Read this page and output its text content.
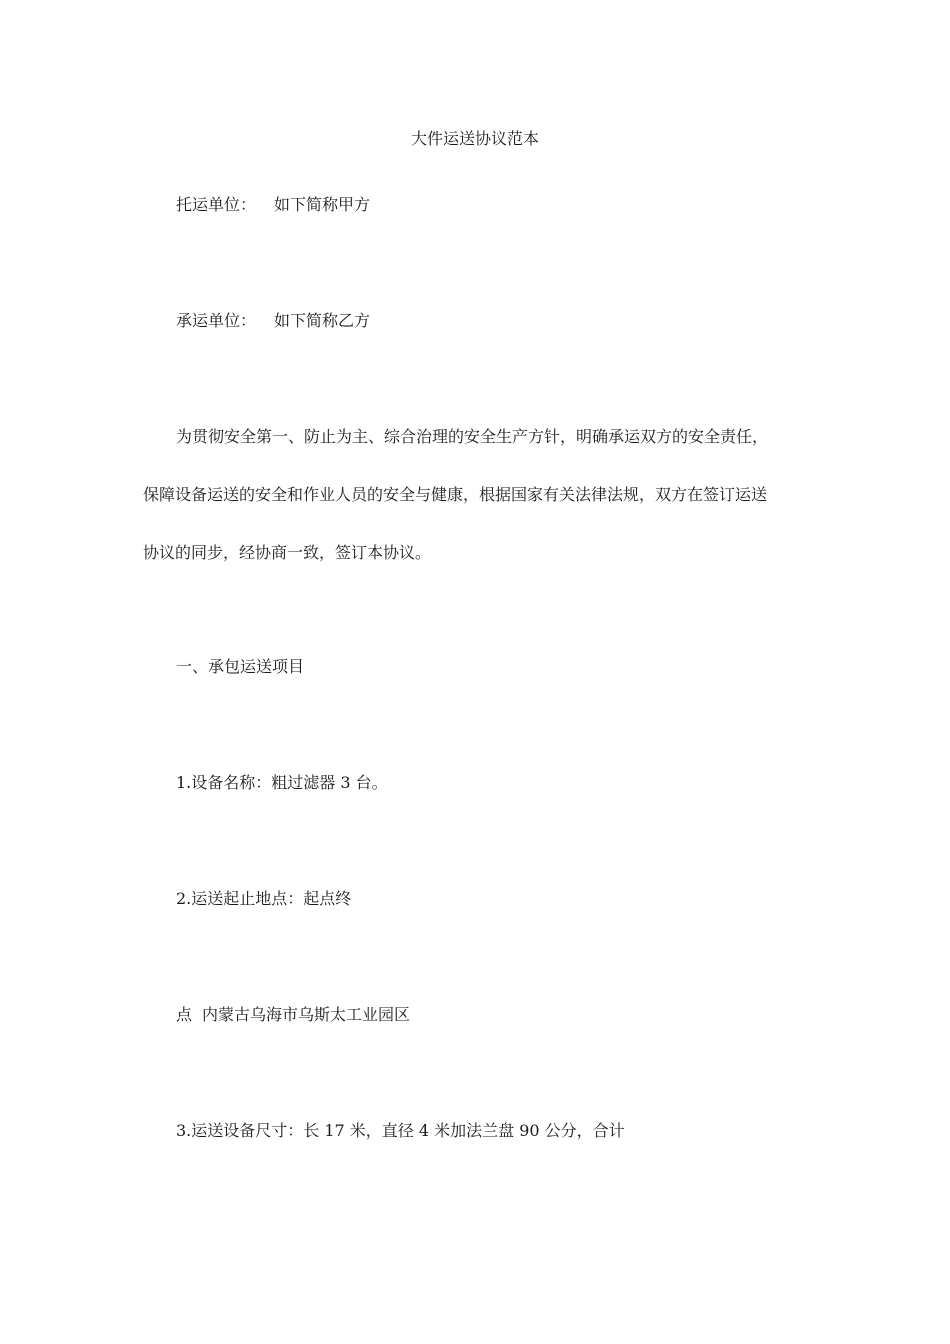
大件运送协议范本

托运单位： 如下简称甲方

承运单位： 如下简称乙方

为贯彻安全第一、防止为主、综合治理的安全生产方针，明确承运双方的安全责任，

保障设备运送的安全和作业人员的安全与健康，根据国家有关法律法规，双方在签订运送

协议的同步，经协商一致，签订本协议。

一、承包运送项目

1.设备名称：粗过滤器 3 台。

2.运送起止地点：起点终

点 内蒙古乌海市乌斯太工业园区

3.运送设备尺寸：长 17 米，直径 4 米加法兰盘 90 公分，合计
